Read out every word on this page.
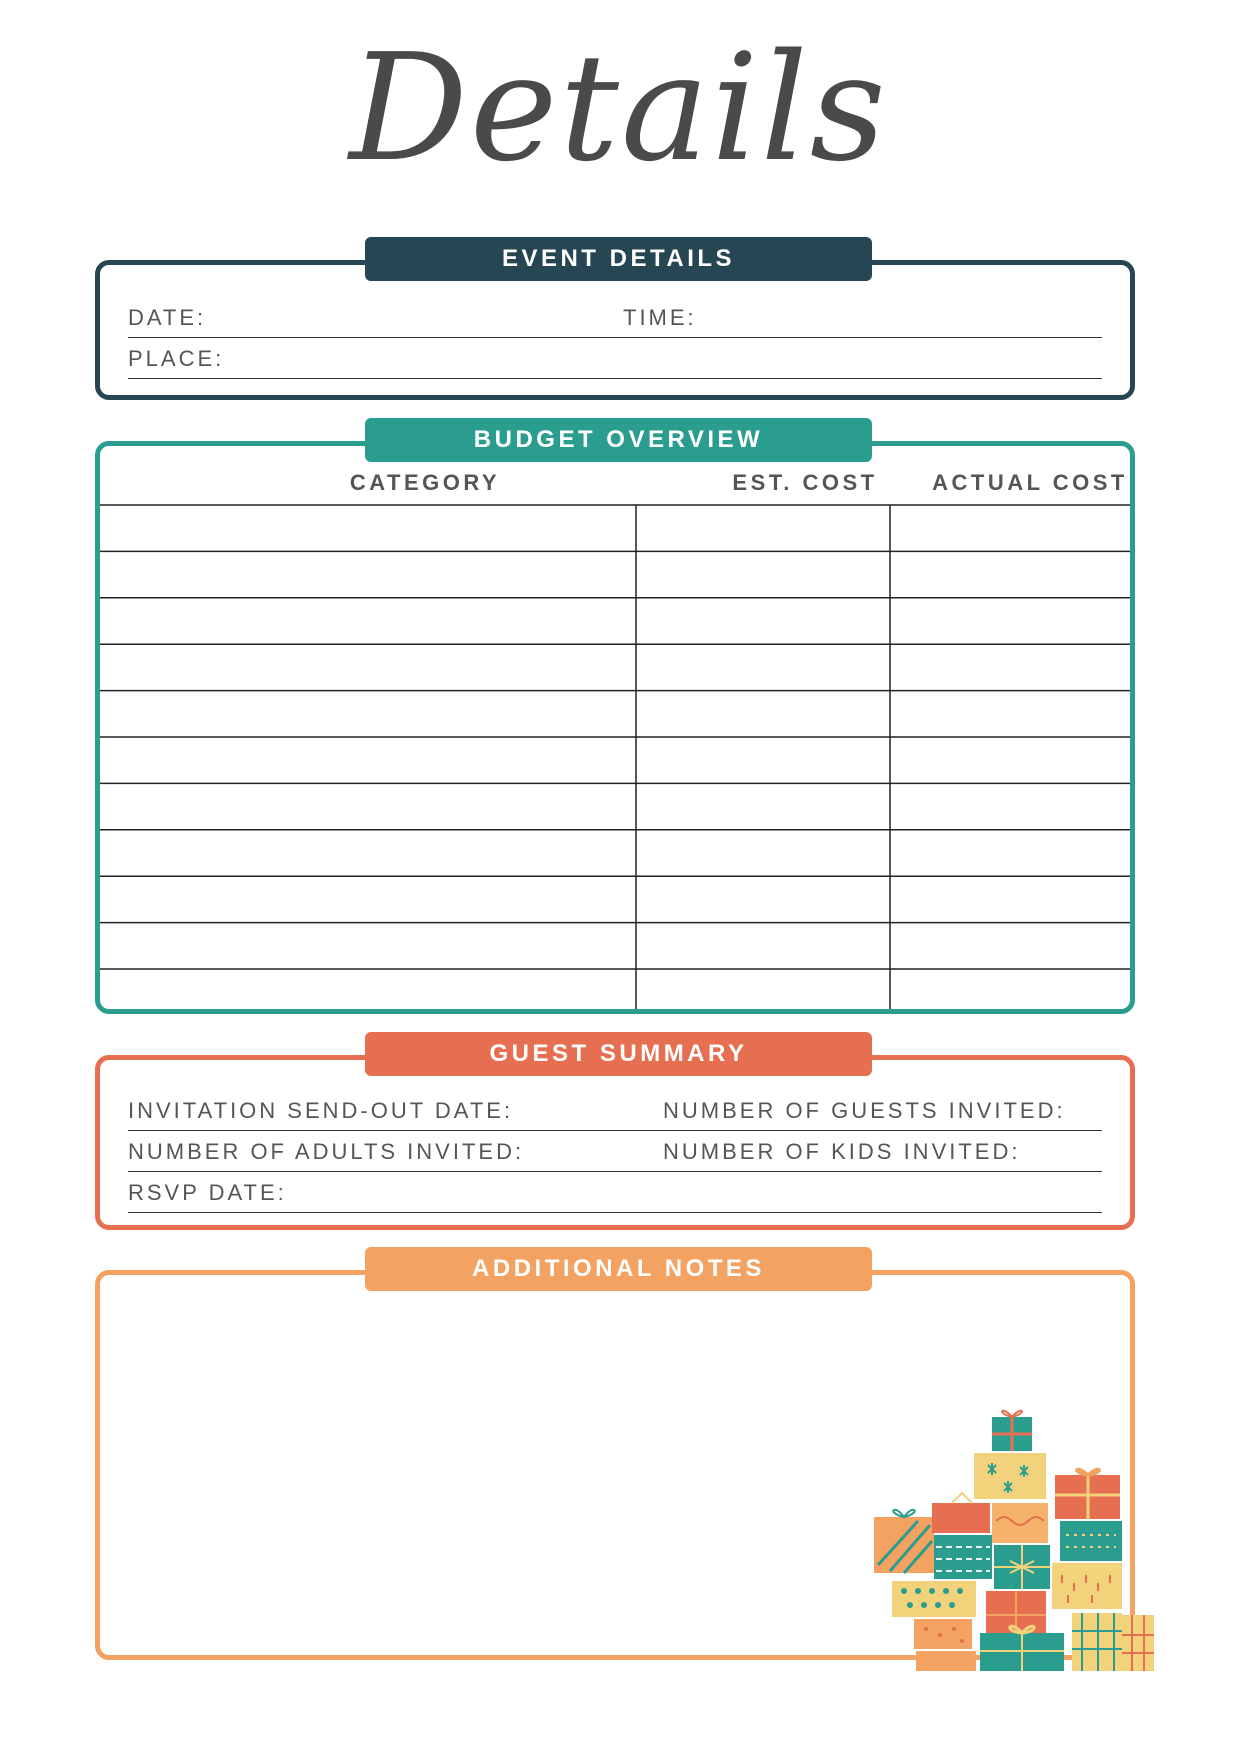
Details
EVENT DETAILS
DATE:	TIME:
PLACE:
BUDGET OVERVIEW
CATEGORY	EST. COST	ACTUAL COST
GUEST SUMMARY
INVITATION SEND-OUT DATE:	NUMBER OF GUESTS INVITED:
NUMBER OF ADULTS INVITED:	NUMBER OF KIDS INVITED:
RSVP DATE:
ADDITIONAL NOTES
